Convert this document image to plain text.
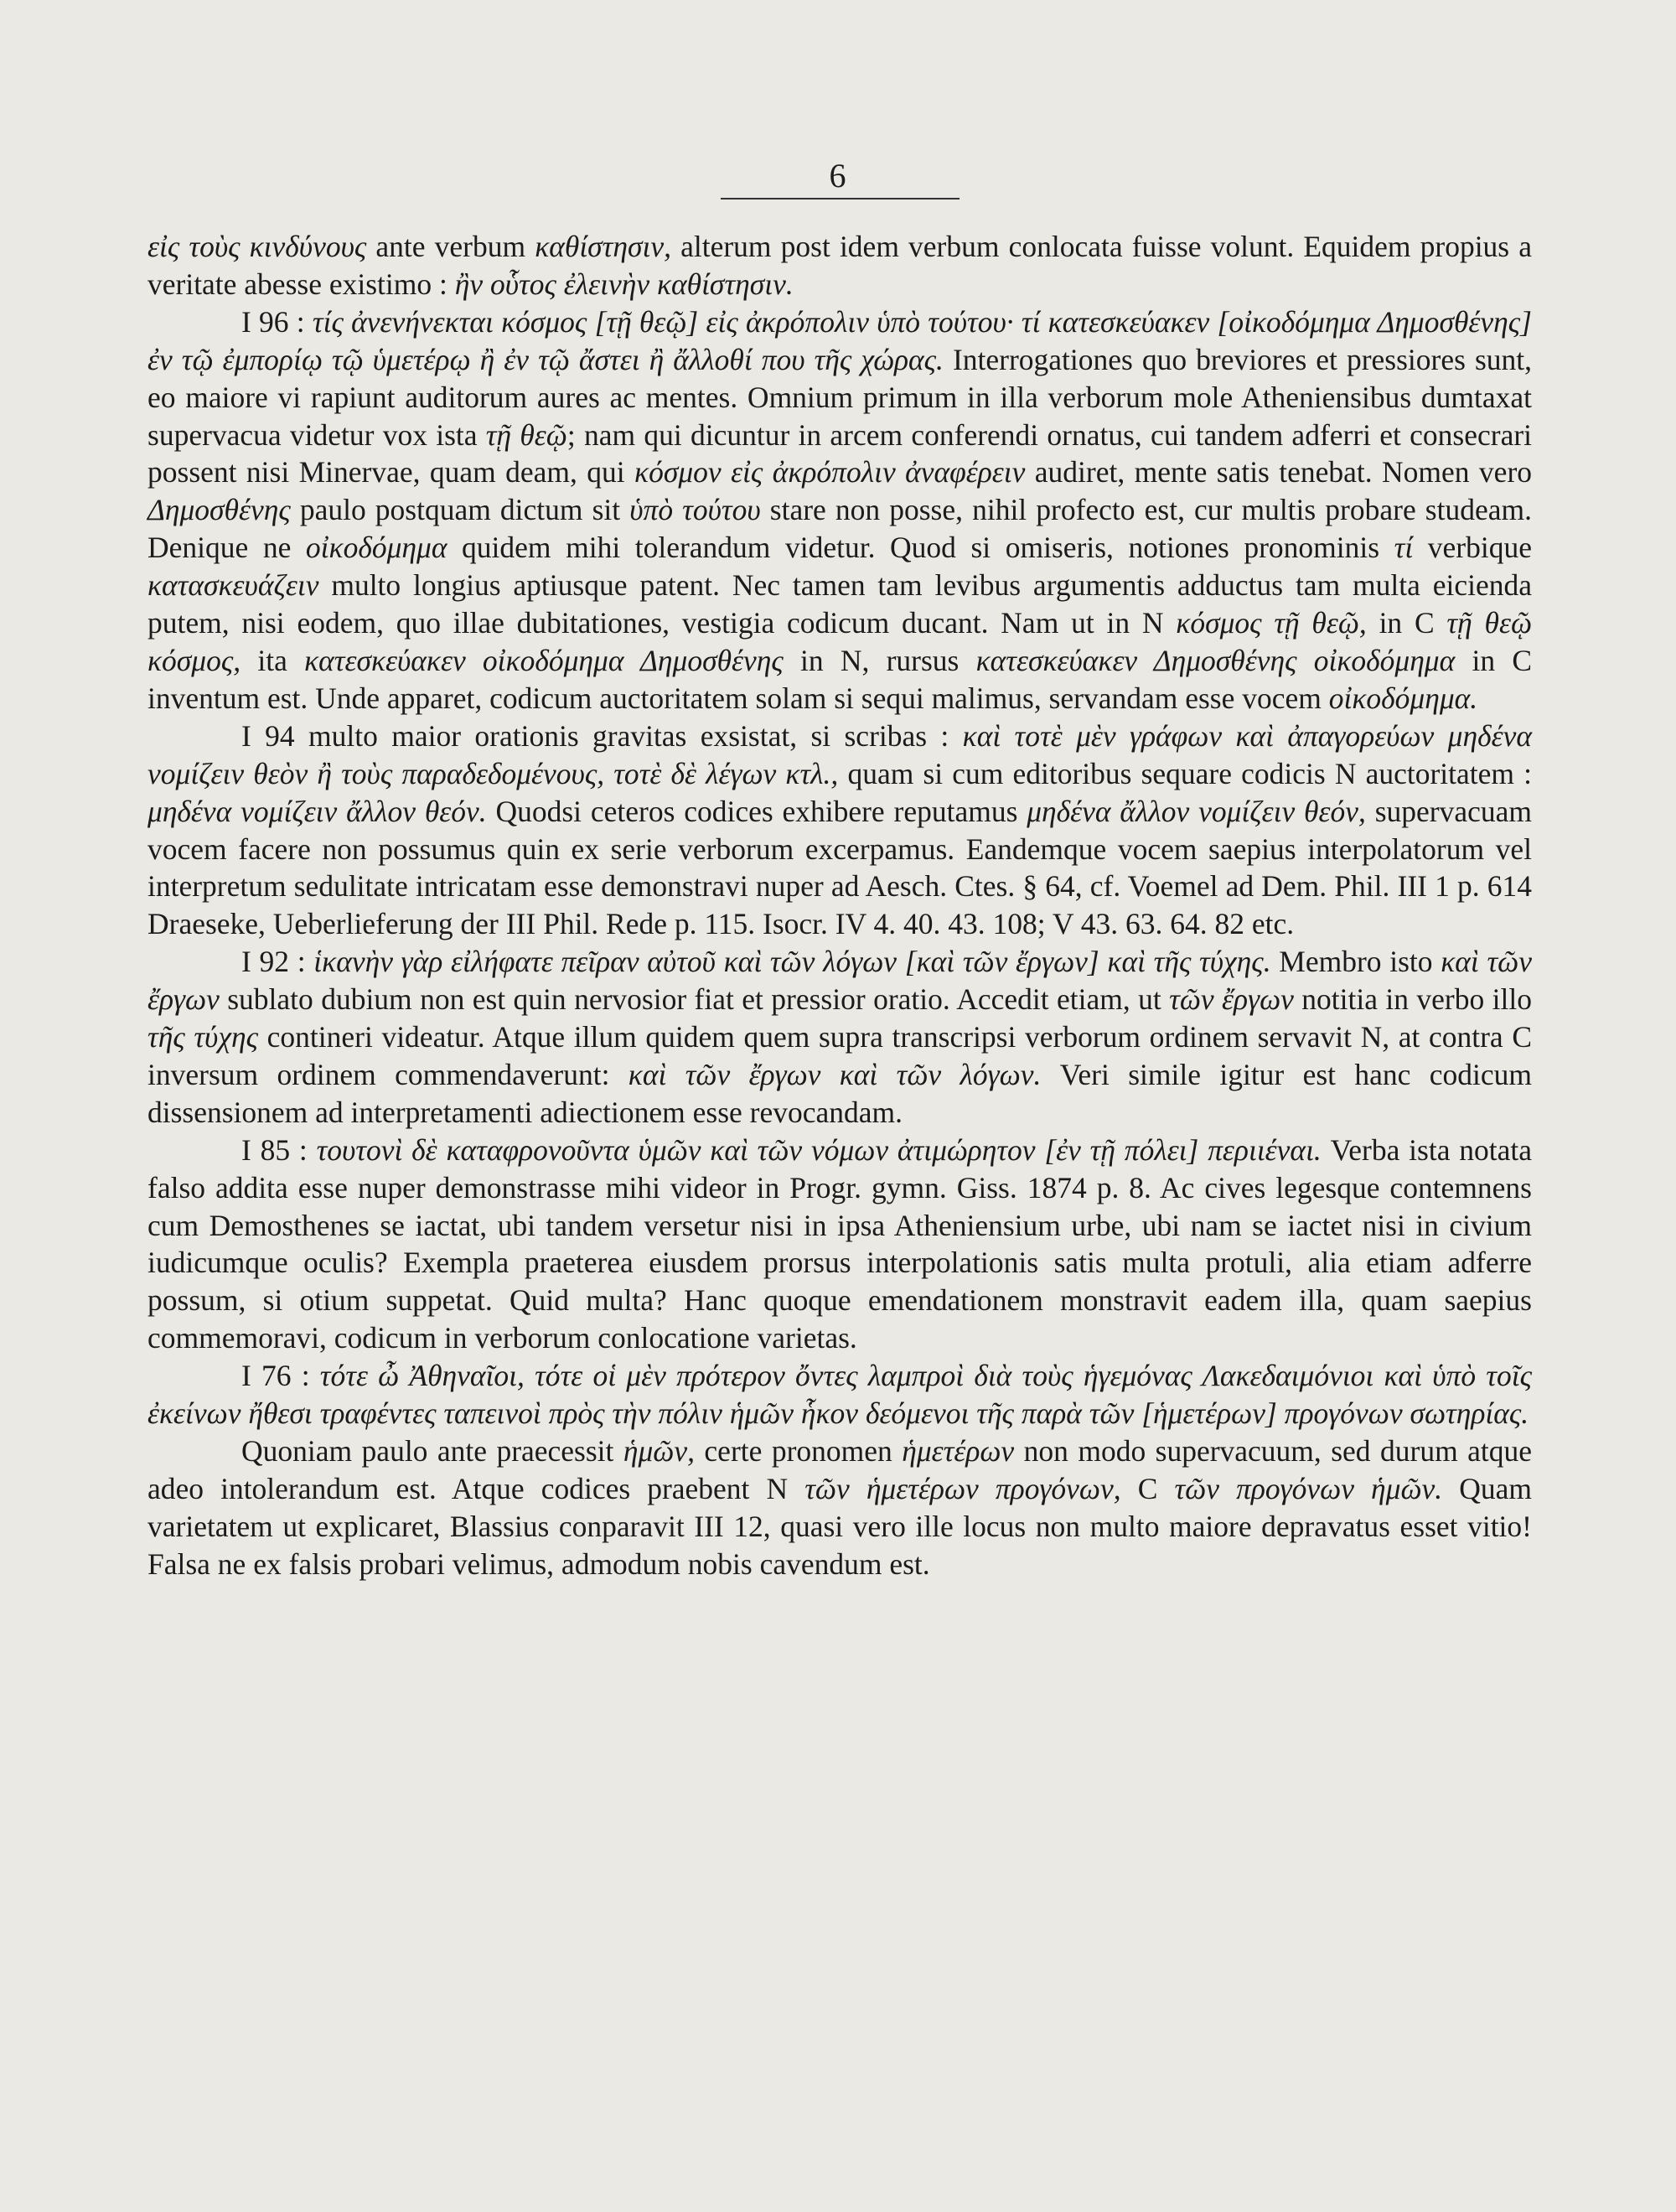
6

εἰς τοὺς κινδύνους ante verbum καθίστησιν, alterum post idem verbum conlocata fuisse volunt. Equidem propius a veritate abesse existimo : ἢν οὗτος ἐλεινὴν καθίστησιν.

I 96 : τίς ἀνενήνεκται κόσμος [τῇ θεῷ] εἰς ἀκρόπολιν ὑπὸ τούτου· τί κατεσκεύακεν [οἰκοδόμημα Δημοσθένης] ἐν τῷ ἐμπορίῳ τῷ ὑμετέρῳ ἢ ἐν τῷ ἄστει ἢ ἄλλοθί που τῆς χώρας. Interrogationes quo breviores et pressiores sunt, eo maiore vi rapiunt auditorum aures ac mentes. Omnium primum in illa verborum mole Atheniensibus dumtaxat supervacua videtur vox ista τῇ θεῷ; nam qui dicuntur in arcem conferendi ornatus, cui tandem adferri et consecrari possent nisi Minervae, quam deam, qui κόσμον εἰς ἀκρόπολιν ἀναφέρειν audiret, mente satis tenebat. Nomen vero Δημοσθένης paulo postquam dictum sit ὑπὸ τούτου stare non posse, nihil profecto est, cur multis probare studeam. Denique ne οἰκοδόμημα quidem mihi tolerandum videtur. Quod si omiseris, notiones pronominis τί verbique κατασκευάζειν multo longius aptiusque patent. Nec tamen tam levibus argumentis adductus tam multa eicienda putem, nisi eodem, quo illae dubitationes, vestigia codicum ducant. Nam ut in N κόσμος τῇ θεῷ, in C τῇ θεῷ κόσμος, ita κατεσκεύακεν οἰκοδόμημα Δημοσθένης in N, rursus κατεσκεύακεν Δημοσθένης οἰκοδόμημα in C inventum est. Unde apparet, codicum auctoritatem solam si sequi malimus, servandam esse vocem οἰκοδόμημα.

I 94 multo maior orationis gravitas exsistat, si scribas : καὶ τοτὲ μὲν γράφων καὶ ἀπαγορεύων μηδένα νομίζειν θεὸν ἢ τοὺς παραδεδομένους, τοτὲ δὲ λέγων κτλ., quam si cum editoribus sequare codicis N auctoritatem : μηδένα νομίζειν ἄλλον θεόν. Quodsi ceteros codices exhibere reputamus μηδένα ἄλλον νομίζειν θεόν, supervacuam vocem facere non possumus quin ex serie verborum excerpamus. Eandemque vocem saepius interpolatorum vel interpretum sedulitate intricatam esse demonstravi nuper ad Aesch. Ctes. § 64, cf. Voemel ad Dem. Phil. III 1 p. 614 Draeseke, Ueberlieferung der III Phil. Rede p. 115. Isocr. IV 4. 40. 43. 108; V 43. 63. 64. 82 etc.

I 92 : ἱκανὴν γὰρ εἰλήφατε πεῖραν αὐτοῦ καὶ τῶν λόγων [καὶ τῶν ἔργων] καὶ τῆς τύχης. Membro isto καὶ τῶν ἔργων sublato dubium non est quin nervosior fiat et pressior oratio. Accedit etiam, ut τῶν ἔργων notitia in verbo illo τῆς τύχης contineri videatur. Atque illum quidem quem supra transcripsi verborum ordinem servavit N, at contra C inversum ordinem commendaverunt: καὶ τῶν ἔργων καὶ τῶν λόγων. Veri simile igitur est hanc codicum dissensionem ad interpretamenti adiectionem esse revocandam.

I 85 : τουτονὶ δὲ καταφρονοῦντα ὑμῶν καὶ τῶν νόμων ἀτιμώρητον [ἐν τῇ πόλει] περιιέναι. Verba ista notata falso addita esse nuper demonstrasse mihi videor in Progr. gymn. Giss. 1874 p. 8. Ac cives legesque contemnens cum Demosthenes se iactat, ubi tandem versetur nisi in ipsa Atheniensium urbe, ubi nam se iactet nisi in civium iudicumque oculis? Exempla praeterea eiusdem prorsus interpolationis satis multa protuli, alia etiam adferre possum, si otium suppetat. Quid multa? Hanc quoque emendationem monstravit eadem illa, quam saepius commemoravi, codicum in verborum conlocatione varietas.

I 76 : τότε ὦ Ἀθηναῖοι, τότε οἱ μὲν πρότερον ὄντες λαμπροὶ διὰ τοὺς ἡγεμόνας Λακεδαιμόνιοι καὶ ὑπὸ τοῖς ἐκείνων ἤθεσι τραφέντες ταπεινοὶ πρὸς τὴν πόλιν ἡμῶν ἧκον δεόμενοι τῆς παρὰ τῶν [ἡμετέρων] προγόνων σωτηρίας.

Quoniam paulo ante praecessit ἡμῶν, certe pronomen ἡμετέρων non modo supervacuum, sed durum atque adeo intolerandum est. Atque codices praebent N τῶν ἡμετέρων προγόνων, C τῶν προγόνων ἡμῶν. Quam varietatem ut explicaret, Blassius conparavit III 12, quasi vero ille locus non multo maiore depravatus esset vitio! Falsa ne ex falsis probari velimus, admodum nobis cavendum est.
